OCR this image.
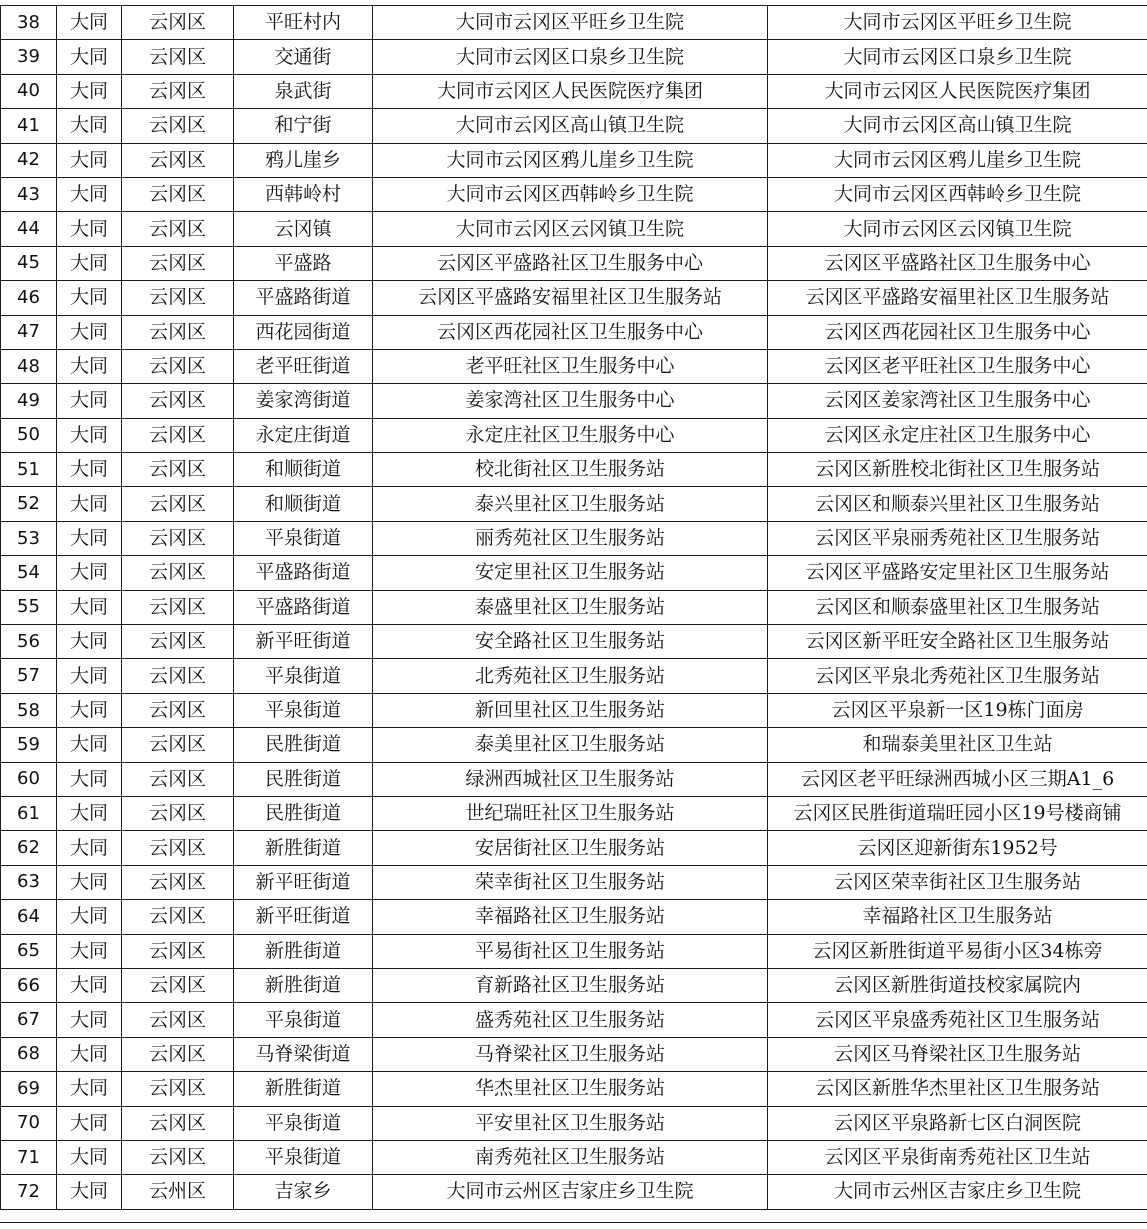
38	大同	云冈区	平旺村内	大同市云冈区平旺乡卫生院	大同市云冈区平旺乡卫生院	
39	大同	云冈区	交通街	大同市云冈区口泉乡卫生院	大同市云冈区口泉乡卫生院	
40	大同	云冈区	泉武街	大同市云冈区人民医院医疗集团	大同市云冈区人民医院医疗集团	
41	大同	云冈区	和宁街	大同市云冈区高山镇卫生院	大同市云冈区高山镇卫生院	
42	大同	云冈区	鸦儿崖乡	大同市云冈区鸦儿崖乡卫生院	大同市云冈区鸦儿崖乡卫生院	
43	大同	云冈区	西韩岭村	大同市云冈区西韩岭乡卫生院	大同市云冈区西韩岭乡卫生院	
44	大同	云冈区	云冈镇	大同市云冈区云冈镇卫生院	大同市云冈区云冈镇卫生院	
45	大同	云冈区	平盛路	云冈区平盛路社区卫生服务中心	云冈区平盛路社区卫生服务中心	
46	大同	云冈区	平盛路街道	云冈区平盛路安福里社区卫生服务站	云冈区平盛路安福里社区卫生服务站	
47	大同	云冈区	西花园街道	云冈区西花园社区卫生服务中心	云冈区西花园社区卫生服务中心	
48	大同	云冈区	老平旺街道	老平旺社区卫生服务中心	云冈区老平旺社区卫生服务中心	
49	大同	云冈区	姜家湾街道	姜家湾社区卫生服务中心	云冈区姜家湾社区卫生服务中心	
50	大同	云冈区	永定庄街道	永定庄社区卫生服务中心	云冈区永定庄社区卫生服务中心	
51	大同	云冈区	和顺街道	校北街社区卫生服务站	云冈区新胜校北街社区卫生服务站	
52	大同	云冈区	和顺街道	泰兴里社区卫生服务站	云冈区和顺泰兴里社区卫生服务站	
53	大同	云冈区	平泉街道	丽秀苑社区卫生服务站	云冈区平泉丽秀苑社区卫生服务站	
54	大同	云冈区	平盛路街道	安定里社区卫生服务站	云冈区平盛路安定里社区卫生服务站	
55	大同	云冈区	平盛路街道	泰盛里社区卫生服务站	云冈区和顺泰盛里社区卫生服务站	
56	大同	云冈区	新平旺街道	安全路社区卫生服务站	云冈区新平旺安全路社区卫生服务站	
57	大同	云冈区	平泉街道	北秀苑社区卫生服务站	云冈区平泉北秀苑社区卫生服务站	
58	大同	云冈区	平泉街道	新回里社区卫生服务站	云冈区平泉新一区19栋门面房	
59	大同	云冈区	民胜街道	泰美里社区卫生服务站	和瑞泰美里社区卫生站	
60	大同	云冈区	民胜街道	绿洲西城社区卫生服务站	云冈区老平旺绿洲西城小区三期A1_6	
61	大同	云冈区	民胜街道	世纪瑞旺社区卫生服务站	云冈区民胜街道瑞旺园小区19号楼商铺	
62	大同	云冈区	新胜街道	安居街社区卫生服务站	云冈区迎新街东1952号	
63	大同	云冈区	新平旺街道	荣幸街社区卫生服务站	云冈区荣幸街社区卫生服务站	
64	大同	云冈区	新平旺街道	幸福路社区卫生服务站	幸福路社区卫生服务站	
65	大同	云冈区	新胜街道	平易街社区卫生服务站	云冈区新胜街道平易街小区34栋旁	
66	大同	云冈区	新胜街道	育新路社区卫生服务站	云冈区新胜街道技校家属院内	
67	大同	云冈区	平泉街道	盛秀苑社区卫生服务站	云冈区平泉盛秀苑社区卫生服务站	
68	大同	云冈区	马脊梁街道	马脊梁社区卫生服务站	云冈区马脊梁社区卫生服务站	
69	大同	云冈区	新胜街道	华杰里社区卫生服务站	云冈区新胜华杰里社区卫生服务站	
70	大同	云冈区	平泉街道	平安里社区卫生服务站	云冈区平泉路新七区白洞医院	
71	大同	云冈区	平泉街道	南秀苑社区卫生服务站	云冈区平泉街南秀苑社区卫生站	
72	大同	云州区	吉家乡	大同市云州区吉家庄乡卫生院	大同市云州区吉家庄乡卫生院	
